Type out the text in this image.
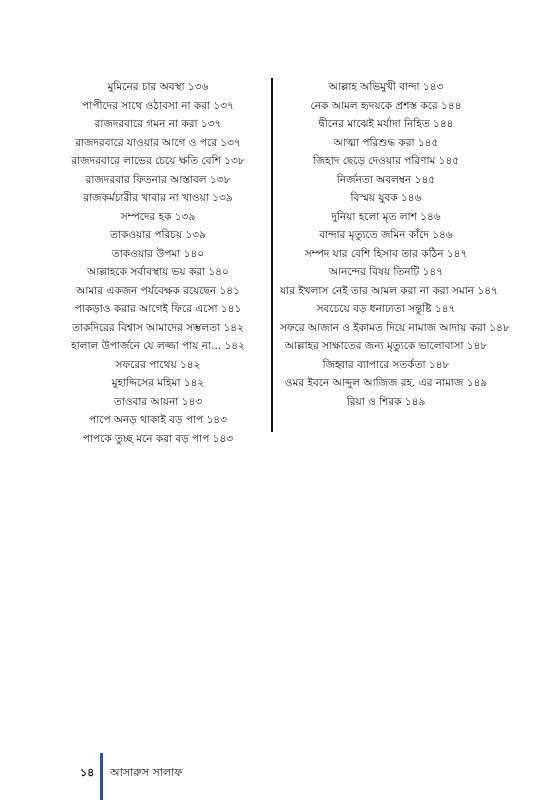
মুমিনের চার অবস্থা ১৩৬
পাপীদের সাথে ওঠাবসা না করা ১৩৭
রাজদরবারে গমন না করা ১৩৭
রাজদরবারে যাওয়ার আগে ও পরে ১৩৭
রাজদরবারে লাভের চেয়ে ক্ষতি বেশি ১৩৮
রাজদরবার ফিতনার আস্তাবল ১৩৮
রাজকর্মচারীর খাবার না খাওয়া ১৩৯
সম্পদের হক ১৩৯
তাকওয়ার পরিচয় ১৩৯
তাকওয়ার উপমা ১৪০
আল্লাহকে সর্বাবস্থায় ভয় করা ১৪০
আমার একজন পর্যবেক্ষক রয়েছেন ১৪১
পাকড়াও করার আগেই ফিরে এসো ১৪১
তাকদিরের বিশ্বাস আমাদের সম্ভলতা ১৪২
হালাল উপার্জনে যে লজ্জা পায় না... ১৪২
সফরের পাথেয় ১৪২
মুহাদ্দিসের মহিমা ১৪২
তাওবার আয়না ১৪৩
পাপে অনড় থাকাই বড় পাপ ১৪৩
পাপকে তুচ্ছ মনে করা বড় পাপ ১৪৩
আল্লাহ অভিমুখী বান্দা ১৪৩
নেক আমল হৃদয়কে প্রশস্ত করে ১৪৪
দ্বীনের মাঝেই মর্যাদা নিহিত ১৪৪
আত্মা পরিশুদ্ধ করা ১৪৫
জিহাদ ছেড়ে দেওয়ার পরিণাম ১৪৫
নির্জনতা অবলম্বন ১৪৫
বিস্ময় যুবক ১৪৬
দুনিয়া হলো মৃত লাশ ১৪৬
বান্দার মৃত্যুতে জমিন কাঁদে ১৪৬
সম্পদ যার বেশি হিসাব তার কঠিন ১৪৭
আনন্দের বিষয় তিনটি ১৪৭
যার ইখলাস নেই তার আমল করা না করা সমান ১৪৭
সবচেয়ে বড় ধনাঢ্যতা সন্তুষ্টি ১৪৭
সফরে আজান ও ইকামত দিয়ে নামাজ আদায় করা ১৪৮
আল্লাহর সাক্ষাতের জন্য মৃত্যুকে ভালোবাসা ১৪৮
জিহ্বার ব্যাপারে সতর্কতা ১৪৮
ওমর ইবনে আব্দুল আজিজ রহ. এর নামাজ ১৪৯
রিয়া ও শিরক ১৪৯
১৪ আসারুস সালাফ
